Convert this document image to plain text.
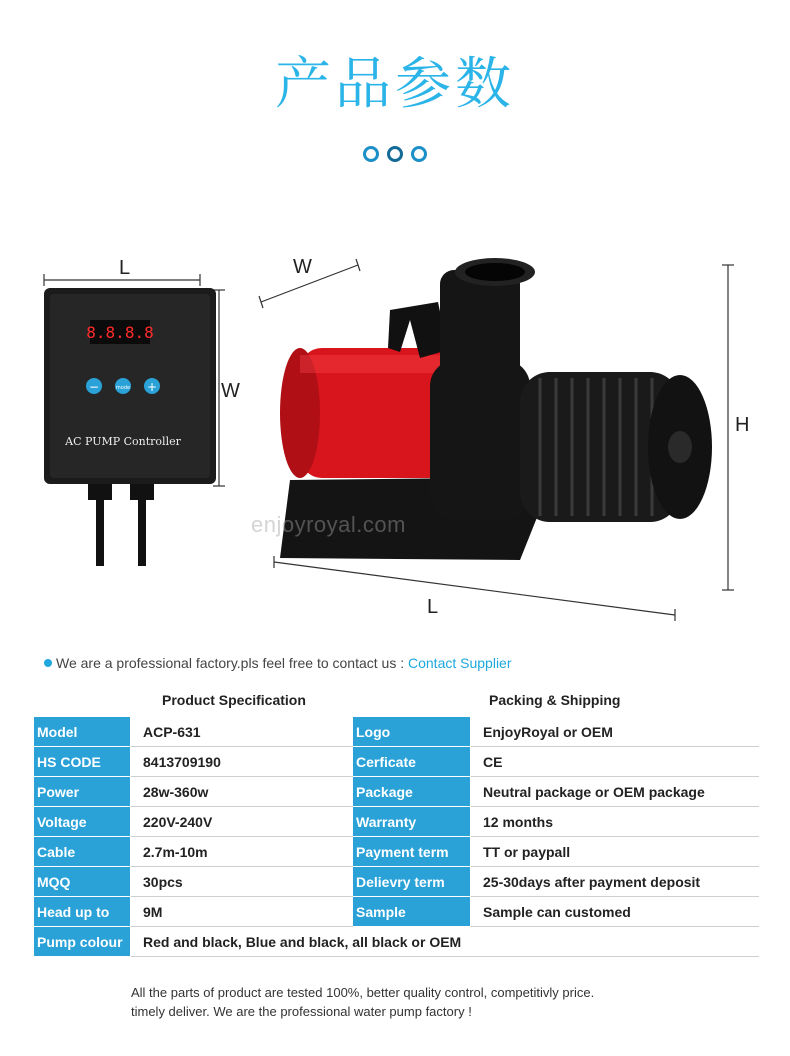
产品参数
8.8.8.8
−	mode +
AC PUMP Controller
L
W
W
H
L
enjoyroyal.com
We are a professional factory.pls feel free to contact us : Contact Supplier
Product Specification	Packing & Shipping
Model	ACP-631	Logo	EnjoyRoyal or OEM
HS CODE	8413709190	Cerficate	CE
Power	28w-360w	Package	Neutral package or OEM package
Voltage	220V-240V	Warranty	12 months
Cable	2.7m-10m	Payment term	TT or paypall
MQQ	30pcs	Delievry term	25-30days after payment deposit
Head up to	9M	Sample	Sample can customed
Pump colour	Red and black, Blue and black, all black or OEM		
All the parts of product are tested 100%, better quality control, competitivly price.
timely deliver. We are the professional water pump factory !
